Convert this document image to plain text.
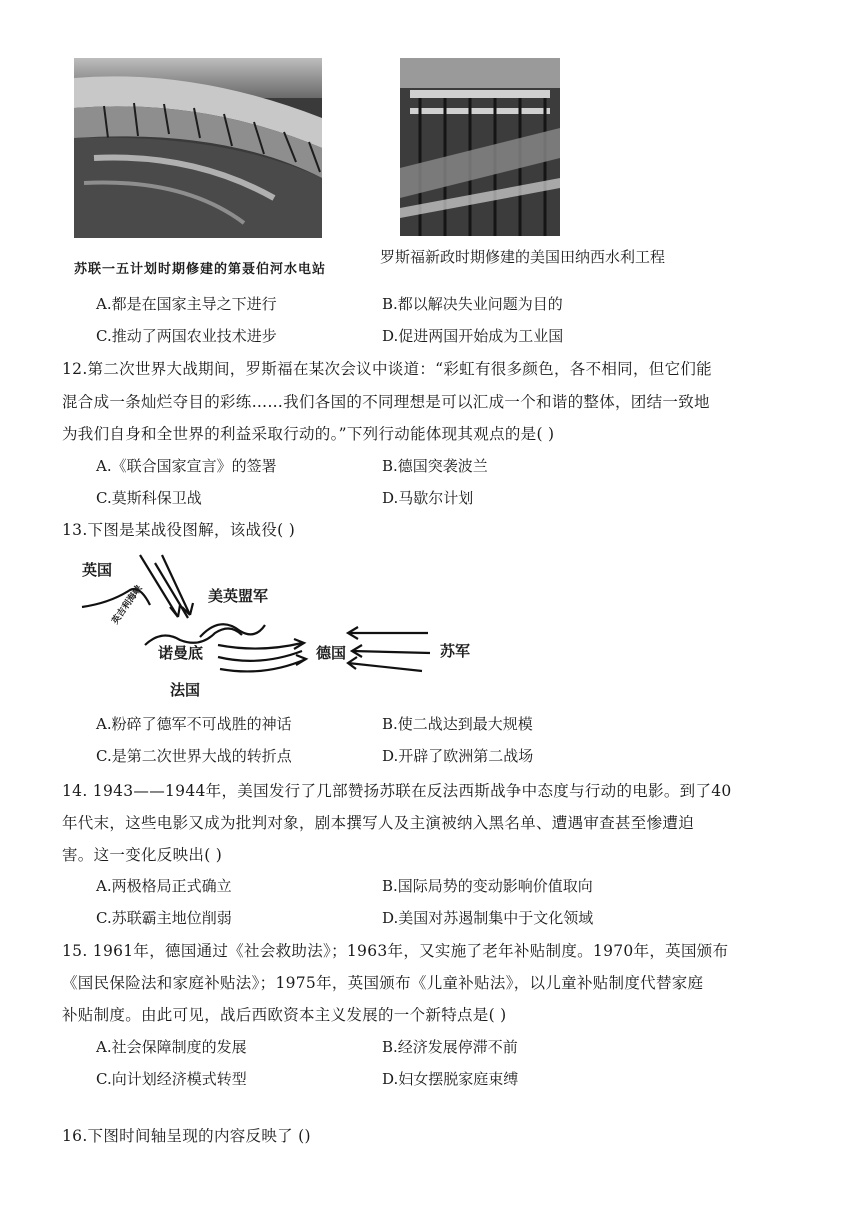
苏联一五计划时期修建的第聂伯河水电站
罗斯福新政时期修建的美国田纳西水利工程
A.都是在国家主导之下进行	B.都以解决失业问题为目的
C.推动了两国农业技术进步	D.促进两国开始成为工业国
12.第二次世界大战期间，罗斯福在某次会议中谈道：“彩虹有很多颜色，各不相同，但它们能
混合成一条灿烂夺目的彩练……我们各国的不同理想是可以汇成一个和谐的整体，团结一致地
为我们自身和全世界的利益采取行动的。”下列行动能体现其观点的是( )
A.《联合国家宣言》的签署	B.德国突袭波兰
C.莫斯科保卫战	D.马歇尔计划
13.下图是某战役图解，该战役( )
英国
美英盟军
英吉利海峡
诺曼底	德国	苏军
法国
A.粉碎了德军不可战胜的神话	B.使二战达到最大规模
C.是第二次世界大战的转折点	D.开辟了欧洲第二战场
14. 1943——1944年，美国发行了几部赞扬苏联在反法西斯战争中态度与行动的电影。到了40
年代末，这些电影又成为批判对象，剧本撰写人及主演被纳入黑名单、遭遇审查甚至惨遭迫
害。这一变化反映出( )
A.两极格局正式确立	B.国际局势的变动影响价值取向
C.苏联霸主地位削弱	D.美国对苏遏制集中于文化领域
15. 1961年，德国通过《社会救助法》；1963年，又实施了老年补贴制度。1970年，英国颁布
《国民保险法和家庭补贴法》；1975年，英国颁布《儿童补贴法》，以儿童补贴制度代替家庭
补贴制度。由此可见，战后西欧资本主义发展的一个新特点是( )
A.社会保障制度的发展	B.经济发展停滞不前
C.向计划经济模式转型	D.妇女摆脱家庭束缚
16.下图时间轴呈现的内容反映了 ()
